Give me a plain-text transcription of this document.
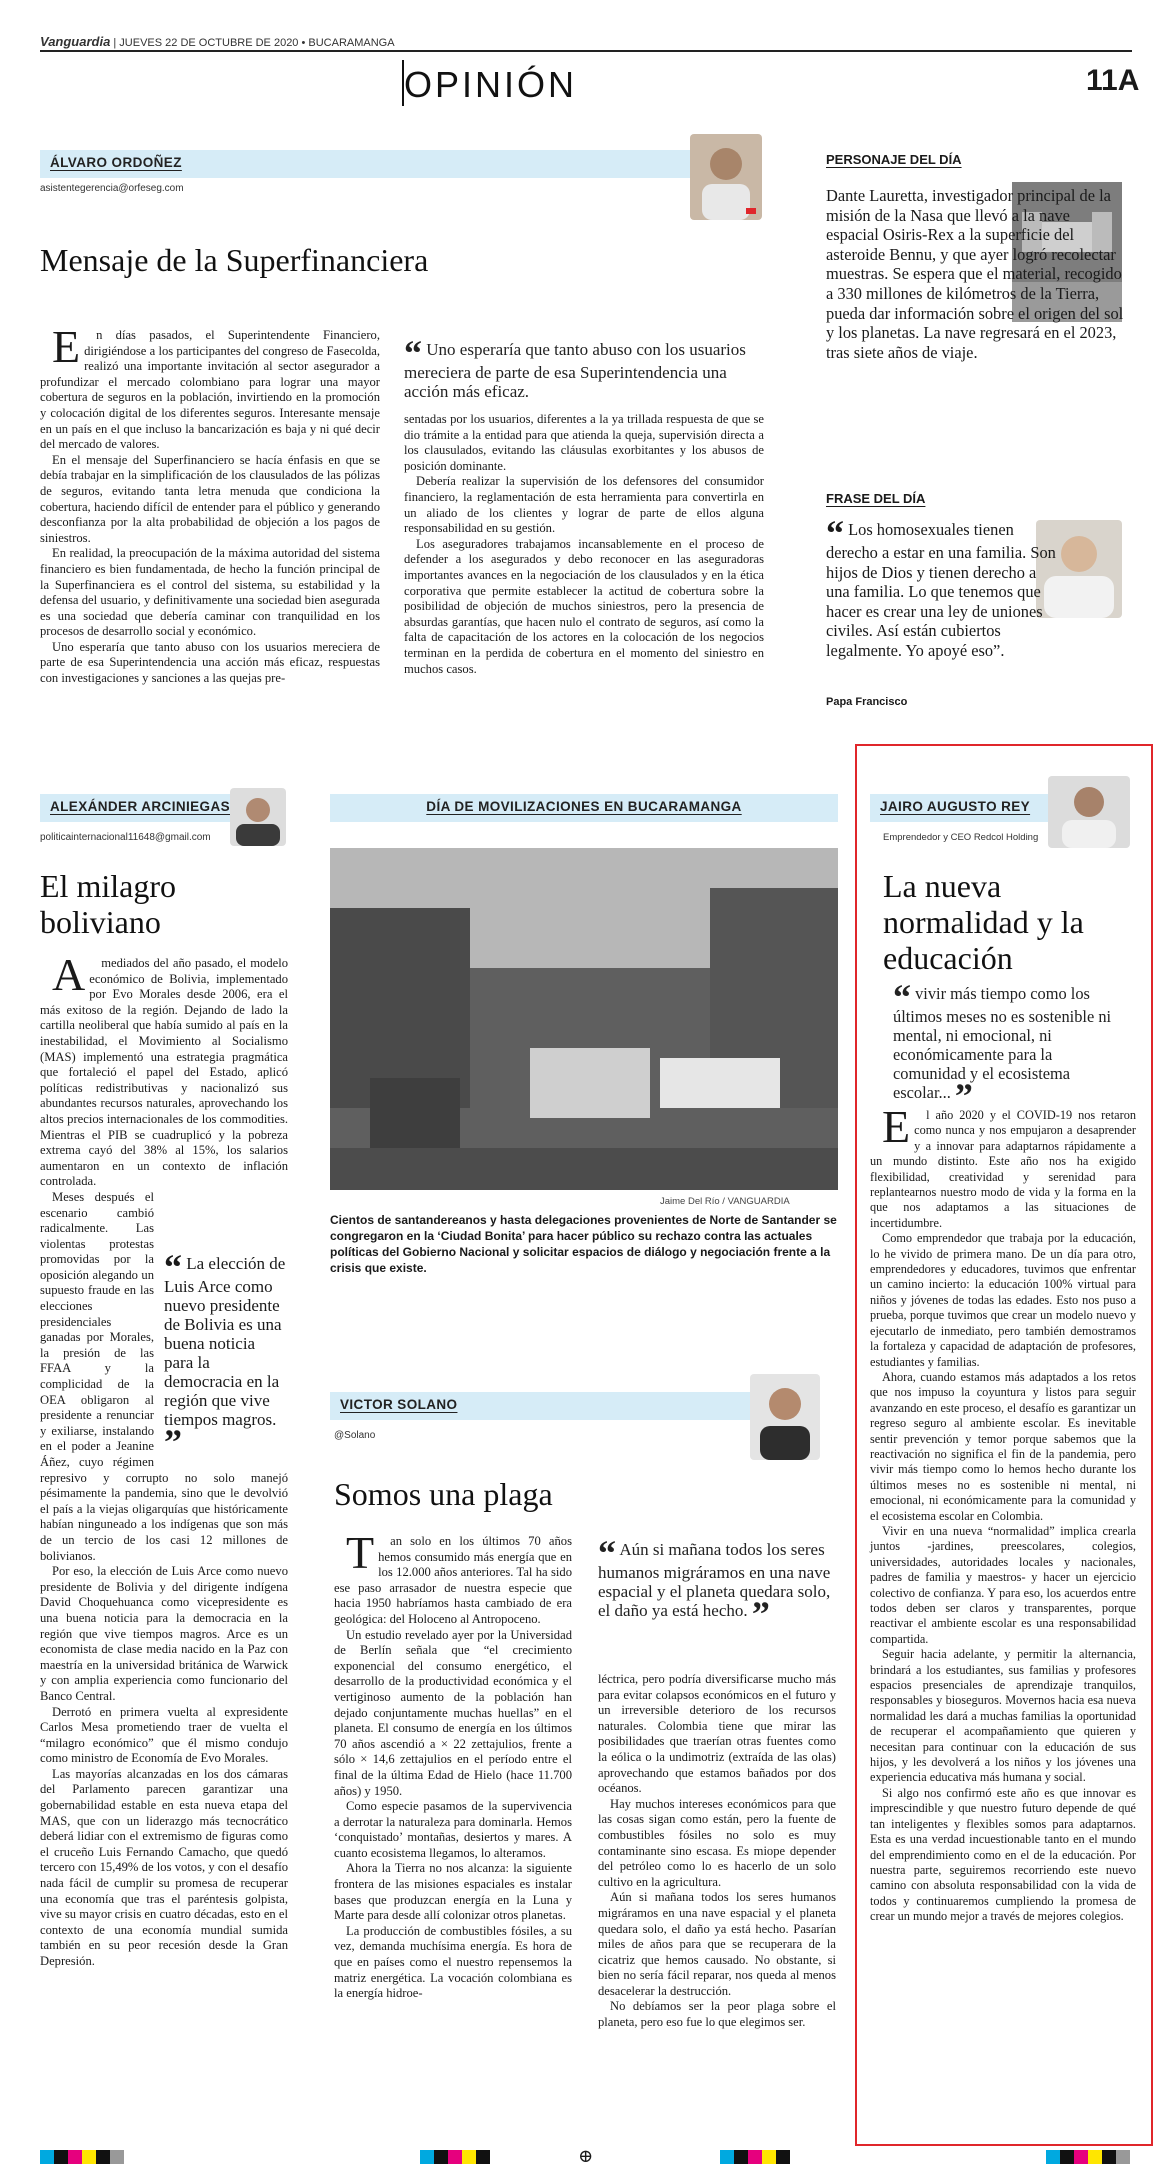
Vanguardia | JUEVES 22 DE OCTUBRE DE 2020 • BUCARAMANGA
OPINIÓN	11A
ÁLVARO ORDOÑEZ
asistentegerencia@orfeseg.com
Mensaje de la Superfinanciera

En días pasados, el Superintendente Financiero, dirigiéndose a los participantes del congreso de Fasecolda, realizó una importante invitación al sector asegurador a profundizar el mercado colombiano para lograr una mayor cobertura de seguros en la población, invirtiendo en la promoción y colocación digital de los diferentes seguros. Interesante mensaje en un país en el que incluso la bancarización es baja y ni qué decir del mercado de valores.

En el mensaje del Superfinanciero se hacía énfasis en que se debía trabajar en la simplificación de los clausulados de las pólizas de seguros, evitando tanta letra menuda que condiciona la cobertura, haciendo difícil de entender para el público y generando desconfianza por la alta probabilidad de objeción a los pagos de siniestros.

En realidad, la preocupación de la máxima autoridad del sistema financiero es bien fundamentada, de hecho la función principal de la Superfinanciera es el control del sistema, su estabilidad y la defensa del usuario, y definitivamente una sociedad bien asegurada es una sociedad que debería caminar con tranquilidad en los procesos de desarrollo social y económico.

Uno esperaría que tanto abuso con los usuarios mereciera de parte de esa Superintendencia una acción más eficaz, respuestas con investigaciones y sanciones a las quejas pre-

“ Uno esperaría que tanto abuso con los usuarios mereciera de parte de esa Superintendencia una acción más eficaz.

sentadas por los usuarios, diferentes a la ya trillada respuesta de que se dio trámite a la entidad para que atienda la queja, supervisión directa a los clausulados, evitando las cláusulas exorbitantes y los abusos de posición dominante.

Debería realizar la supervisión de los defensores del consumidor financiero, la reglamentación de esta herramienta para convertirla en un aliado de los clientes y lograr de parte de ellos alguna responsabilidad en su gestión.

Los aseguradores trabajamos incansablemente en el proceso de defender a los asegurados y debo reconocer en las aseguradoras importantes avances en la negociación de los clausulados y en la ética corporativa que permite establecer la actitud de cobertura sobre la posibilidad de objeción de muchos siniestros, pero la presencia de absurdas garantías, que hacen nulo el contrato de seguros, así como la falta de capacitación de los actores en la colocación de los negocios terminan en la perdida de cobertura en el momento del siniestro en muchos casos.

PERSONAJE DEL DÍA
Dante Lauretta, investigador principal de la misión de la Nasa que llevó a la nave espacial Osiris-Rex a la superficie del asteroide Bennu, y que ayer logró recolectar muestras. Se espera que el material, recogido a 330 millones de kilómetros de la Tierra, pueda dar información sobre el origen del sol y los planetas. La nave regresará en el 2023, tras siete años de viaje.
FRASE DEL DÍA
“ Los homosexuales tienen derecho a estar en una familia. Son hijos de Dios y tienen derecho a una familia. Lo que tenemos que hacer es crear una ley de uniones civiles. Así están cubiertos legalmente. Yo apoyé eso”.
Papa Francisco
ALEXÁNDER ARCINIEGAS
politicainternacional11648@gmail.com
El milagro boliviano

Amediados del año pasado, el modelo económico de Bolivia, implementado por Evo Morales desde 2006, era el más exitoso de la región. Dejando de lado la cartilla neoliberal que había sumido al país en la inestabilidad, el Movimiento al Socialismo (MAS) implementó una estrategia pragmática que fortaleció el papel del Estado, aplicó políticas redistributivas y nacionalizó sus abundantes recursos naturales, aprovechando los altos precios internacionales de los commodities. Mientras el PIB se cuadruplicó y la pobreza extrema cayó del 38% al 15%, los salarios aumentaron en un contexto de inflación controlada.

“ La elección de Luis Arce como nuevo presidente de Bolivia es una buena noticia para la democracia en la región que vive tiempos magros. ”

Meses después el escenario cambió radicalmente. Las violentas protestas promovidas por la oposición alegando un supuesto fraude en las elecciones presidenciales ganadas por Morales, la presión de las FFAA y la complicidad de la OEA obligaron al presidente a renunciar y exiliarse, instalando en el poder a Jeanine Áñez, cuyo régimen represivo y corrupto no solo manejó pésimamente la pandemia, sino que le devolvió el país a la viejas oligarquías que históricamente habían ninguneado a los indígenas que son más de un tercio de los casi 12 millones de bolivianos.

Por eso, la elección de Luis Arce como nuevo presidente de Bolivia y del dirigente indígena David Choquehuanca como vicepresidente es una buena noticia para la democracia en la región que vive tiempos magros. Arce es un economista de clase media nacido en la Paz con maestría en la universidad británica de Warwick y con amplia experiencia como funcionario del Banco Central.

Derrotó en primera vuelta al expresidente Carlos Mesa prometiendo traer de vuelta el “milagro económico” que él mismo condujo como ministro de Economía de Evo Morales.

Las mayorías alcanzadas en los dos cámaras del Parlamento parecen garantizar una gobernabilidad estable en esta nueva etapa del MAS, que con un liderazgo más tecnocrático deberá lidiar con el extremismo de figuras como el cruceño Luis Fernando Camacho, que quedó tercero con 15,49% de los votos, y con el desafío nada fácil de cumplir su promesa de recuperar una economía que tras el paréntesis golpista, vive su mayor crisis en cuatro décadas, esto en el contexto de una economía mundial sumida también en su peor recesión desde la Gran Depresión.

DÍA DE MOVILIZACIONES EN BUCARAMANGA
Jaime Del Río / VANGUARDIA
Cientos de santandereanos y hasta delegaciones provenientes de Norte de Santander se congregaron en la ‘Ciudad Bonita’ para hacer público su rechazo contra las actuales políticas del Gobierno Nacional y solicitar espacios de diálogo y negociación frente a la crisis que existe.
VICTOR SOLANO
@Solano
Somos una plaga

Tan solo en los últimos 70 años hemos consumido más energía que en los 12.000 años anteriores. Tal ha sido ese paso arrasador de nuestra especie que hacia 1950 habríamos hasta cambiado de era geológica: del Holoceno al Antropoceno.

Un estudio revelado ayer por la Universidad de Berlín señala que “el crecimiento exponencial del consumo energético, el desarrollo de la productividad económica y el vertiginoso aumento de la población han dejado conjuntamente muchas huellas” en el planeta. El consumo de energía en los últimos 70 años ascendió a × 22 zettajulios, frente a sólo × 14,6 zettajulios en el período entre el final de la última Edad de Hielo (hace 11.700 años) y 1950.

Como especie pasamos de la supervivencia a derrotar la naturaleza para dominarla. Hemos ‘conquistado’ montañas, desiertos y mares. A cuanto ecosistema llegamos, lo alteramos.

Ahora la Tierra no nos alcanza: la siguiente frontera de las misiones espaciales es instalar bases que produzcan energía en la Luna y Marte para desde allí colonizar otros planetas.

La producción de combustibles fósiles, a su vez, demanda muchísima energía. Es hora de que en países como el nuestro repensemos la matriz energética. La vocación colombiana es la energía hidroe-

“ Aún si mañana todos los seres humanos migráramos en una nave espacial y el planeta quedara solo, el daño ya está hecho. ”

léctrica, pero podría diversificarse mucho más para evitar colapsos económicos en el futuro y un irreversible deterioro de los recursos naturales. Colombia tiene que mirar las posibilidades que traerían otras fuentes como la eólica o la undimotriz (extraída de las olas) aprovechando que estamos bañados por dos océanos.

Hay muchos intereses económicos para que las cosas sigan como están, pero la fuente de combustibles fósiles no solo es muy contaminante sino escasa. Es miope depender del petróleo como lo es hacerlo de un solo cultivo en la agricultura.

Aún si mañana todos los seres humanos migráramos en una nave espacial y el planeta quedara solo, el daño ya está hecho. Pasarían miles de años para que se recuperara de la cicatriz que hemos causado. No obstante, si bien no sería fácil reparar, nos queda al menos desacelerar la destrucción.

No debíamos ser la peor plaga sobre el planeta, pero eso fue lo que elegimos ser.

JAIRO AUGUSTO REY
Emprendedor y CEO Redcol Holding
La nueva normalidad y la educación
“ vivir más tiempo como los últimos meses no es sostenible ni mental, ni emocional, ni económicamente para la comunidad y el ecosistema escolar... ”

El año 2020 y el COVID-19 nos retaron como nunca y nos empujaron a desaprender y a innovar para adaptarnos rápidamente a un mundo distinto. Este año nos ha exigido flexibilidad, creatividad y serenidad para replantearnos nuestro modo de vida y la forma en la que nos adaptamos a las situaciones de incertidumbre.

Como emprendedor que trabaja por la educación, lo he vivido de primera mano. De un día para otro, emprendedores y educadores, tuvimos que enfrentar un camino incierto: la educación 100% virtual para niños y jóvenes de todas las edades. Esto nos puso a prueba, porque tuvimos que crear un modelo nuevo y ejecutarlo de inmediato, pero también demostramos la fortaleza y capacidad de adaptación de profesores, estudiantes y familias.

Ahora, cuando estamos más adaptados a los retos que nos impuso la coyuntura y listos para seguir avanzando en este proceso, el desafío es garantizar un regreso seguro al ambiente escolar. Es inevitable sentir prevención y temor porque sabemos que la reactivación no significa el fin de la pandemia, pero vivir más tiempo como lo hemos hecho durante los últimos meses no es sostenible ni mental, ni emocional, ni económicamente para la comunidad y el ecosistema escolar en Colombia.

Vivir en una nueva “normalidad” implica crearla juntos -jardines, preescolares, colegios, universidades, autoridades locales y nacionales, padres de familia y maestros- y hacer un ejercicio colectivo de confianza. Y para eso, los acuerdos entre todos deben ser claros y transparentes, porque reactivar el ambiente escolar es una responsabilidad compartida.

Seguir hacia adelante, y permitir la alternancia, brindará a los estudiantes, sus familias y profesores espacios presenciales de aprendizaje tranquilos, responsables y bioseguros. Movernos hacia esa nueva normalidad les dará a muchas familias la oportunidad de recuperar el acompañamiento que quieren y necesitan para continuar con la educación de sus hijos, y les devolverá a los niños y los jóvenes una experiencia educativa más humana y social.

Si algo nos confirmó este año es que innovar es imprescindible y que nuestro futuro depende de qué tan inteligentes y flexibles somos para adaptarnos. Esta es una verdad incuestionable tanto en el mundo del emprendimiento como en el de la educación. Por nuestra parte, seguiremos recorriendo este nuevo camino con absoluta responsabilidad con la vida de todos y continuaremos cumpliendo la promesa de crear un mundo mejor a través de mejores colegios.

⊕
